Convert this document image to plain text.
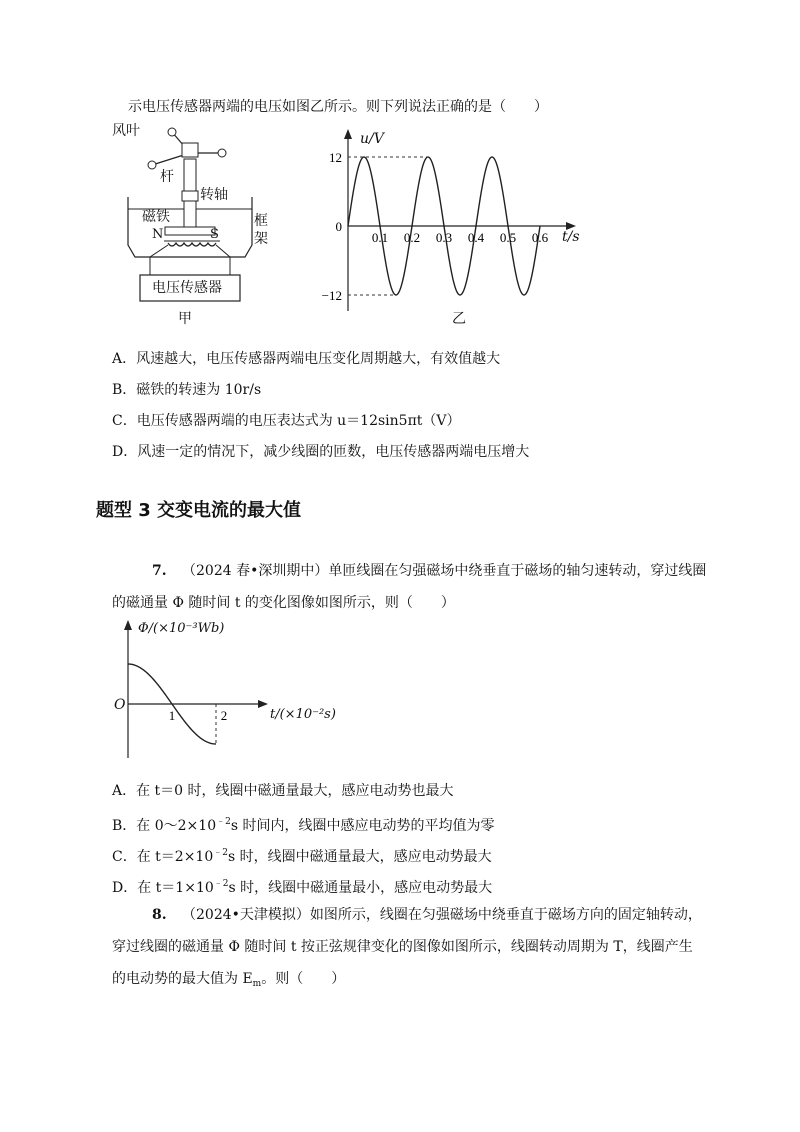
示电压传感器两端的电压如图乙所示。则下列说法正确的是（　　）
风叶
杆
转轴
磁铁	框
架
N	S
电压传感器
甲
0.1 0.2 0.3 0.4 0.5 0.6
12
0
−12
u/V
t/s
乙
A．风速越大，电压传感器两端电压变化周期越大，有效值越大
B．磁铁的转速为 10r/s
C．电压传感器两端的电压表达式为 u＝12sin5πt（V）
D．风速一定的情况下，减少线圈的匝数，电压传感器两端电压增大
题型 3 交变电流的最大值
7. （2024 春•深圳期中）单匝线圈在匀强磁场中绕垂直于磁场的轴匀速转动，穿过线圈
的磁通量 Φ 随时间 t 的变化图像如图所示，则（　　）
1	2
Φ/(×10⁻³Wb)
t/(×10⁻²s)
O
A．在 t＝0 时，线圈中磁通量最大，感应电动势也最大
B．在 $0\sim 2\times 10^{﹣2}s$ 时间内，线圈中感应电动势的平均值为零
C．在 $t=2\times 10^{﹣2}s$ 时，线圈中磁通量最大，感应电动势最大
D．在 $t=1\times 10^{﹣2}s$ 时，线圈中磁通量最小，感应电动势最大
8. （2024•天津模拟）如图所示，线圈在匀强磁场中绕垂直于磁场方向的固定轴转动，
穿过线圈的磁通量 Φ 随时间 t 按正弦规律变化的图像如图所示，线圈转动周期为 T，线圈产生
的电动势的最大值为 $E_m$。则（　　）
